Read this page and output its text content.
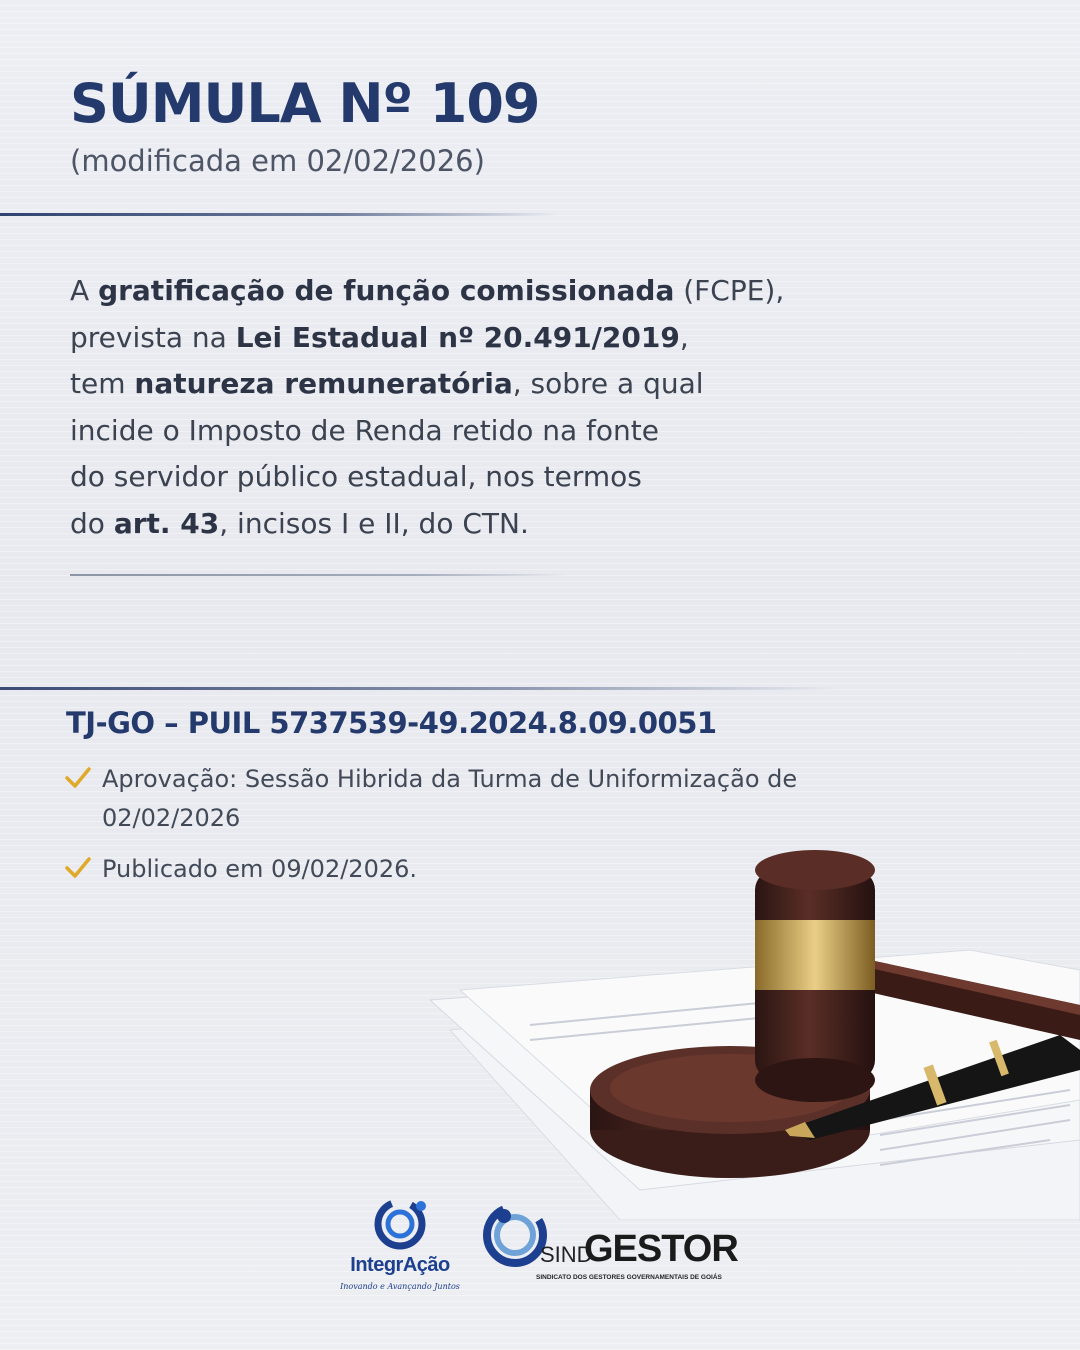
SÚMULA Nº 109
(modificada em 02/02/2026)
A gratificação de função comissionada (FCPE),
prevista na Lei Estadual nº 20.491/2019,
tem natureza remuneratória, sobre a qual
incide o Imposto de Renda retido na fonte
do servidor público estadual, nos termos
do art. 43, incisos I e II, do CTN.
TJ-GO – PUIL 5737539-49.2024.8.09.0051
Aprovação: Sessão Hibrida da Turma de Uniformização de 02/02/2026
Publicado em 09/02/2026.
IntegrAção
Inovando e Avançando Juntos
SIND
GESTOR
SINDICATO DOS GESTORES GOVERNAMENTAIS DE GOIÁS
